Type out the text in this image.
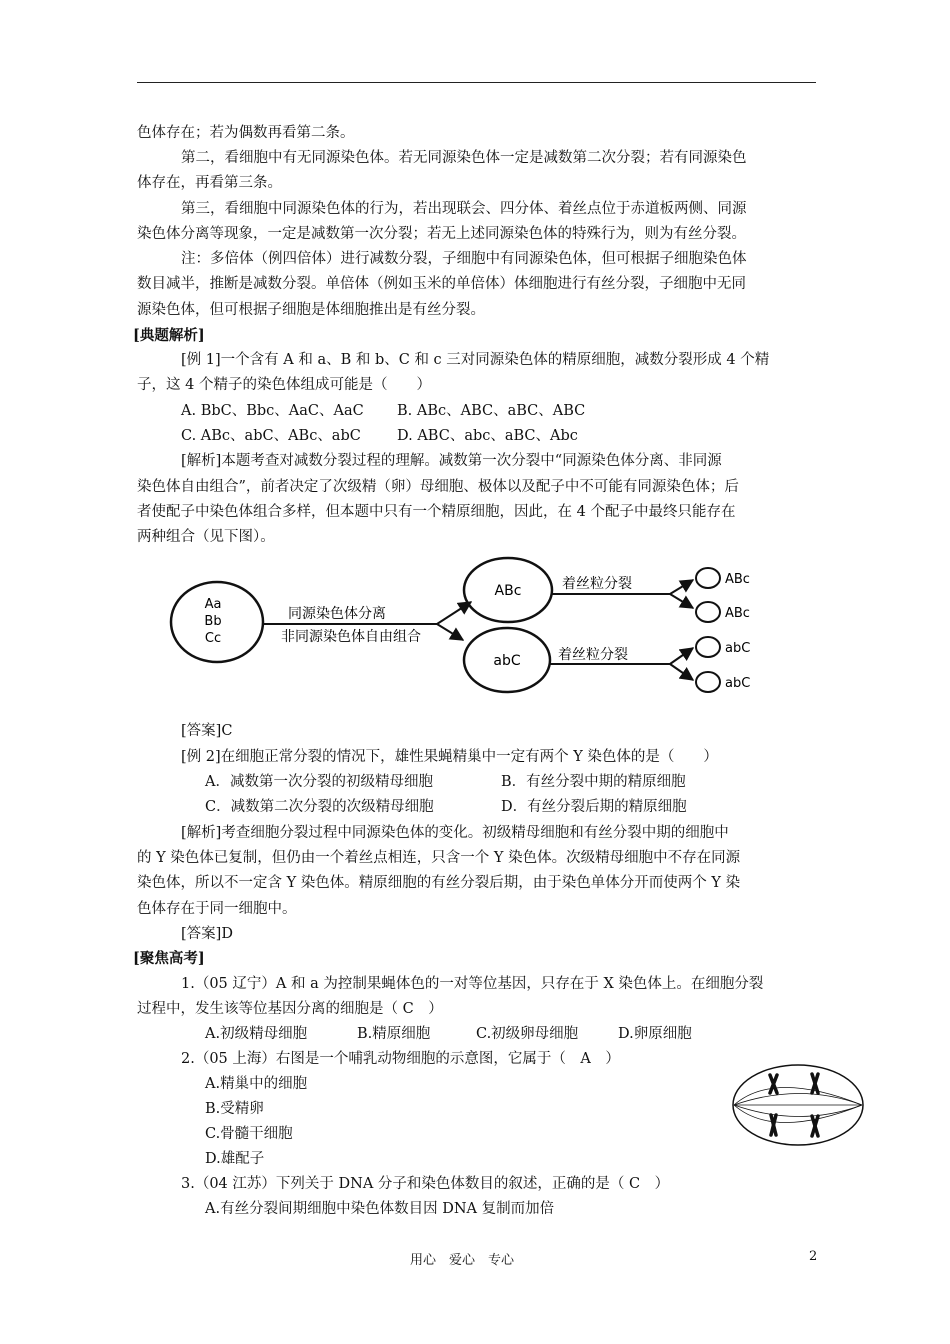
色体存在；若为偶数再看第二条。
第二，看细胞中有无同源染色体。若无同源染色体一定是减数第二次分裂；若有同源染色
体存在，再看第三条。
第三，看细胞中同源染色体的行为，若出现联会、四分体、着丝点位于赤道板两侧、同源
染色体分离等现象，一定是减数第一次分裂；若无上述同源染色体的特殊行为，则为有丝分裂。
注：多倍体（例四倍体）进行减数分裂，子细胞中有同源染色体，但可根据子细胞染色体
数目减半，推断是减数分裂。单倍体（例如玉米的单倍体）体细胞进行有丝分裂，子细胞中无同
源染色体，但可根据子细胞是体细胞推出是有丝分裂。
[典题解析]
[例 1]一个含有 A 和 a、B 和 b、C 和 c 三对同源染色体的精原细胞，减数分裂形成 4 个精
子，这 4 个精子的染色体组成可能是（　　）
A. BbC、Bbc、AaC、AaC B. ABc、ABC、aBC、ABC
C. ABc、abC、ABc、abC D. ABC、abc、aBC、Abc
[解析]本题考查对减数分裂过程的理解。减数第一次分裂中“同源染色体分离、非同源
染色体自由组合”，前者决定了次级精（卵）母细胞、极体以及配子中不可能有同源染色体；后
者使配子中染色体组合多样，但本题中只有一个精原细胞，因此，在 4 个配子中最终只能存在
两种组合（见下图）。
Aa
Bb
Cc
同源染色体分离
非同源染色体自由组合
ABc
abC
着丝粒分裂
着丝粒分裂
ABc
ABc
abC
abC
[答案]C
[例 2]在细胞正常分裂的情况下，雄性果蝇精巢中一定有两个 Y 染色体的是（　　）
A．减数第一次分裂的初级精母细胞	B．有丝分裂中期的精原细胞
C．减数第二次分裂的次级精母细胞	D．有丝分裂后期的精原细胞
[解析]考查细胞分裂过程中同源染色体的变化。初级精母细胞和有丝分裂中期的细胞中
的 Y 染色体已复制，但仍由一个着丝点相连，只含一个 Y 染色体。次级精母细胞中不存在同源
染色体，所以不一定含 Y 染色体。精原细胞的有丝分裂后期，由于染色单体分开而使两个 Y 染
色体存在于同一细胞中。
[答案]D
[聚焦高考]
1.（05 辽宁）A 和 a 为控制果蝇体色的一对等位基因，只存在于 X 染色体上。在细胞分裂
过程中，发生该等位基因分离的细胞是（ C　）
A.初级精母细胞	B.精原细胞	C.初级卵母细胞	D.卵原细胞
2.（05 上海）右图是一个哺乳动物细胞的示意图，它属于（　A　）
A.精巢中的细胞
B.受精卵
C.骨髓干细胞
D.雄配子
3.（04 江苏）下列关于 DNA 分子和染色体数目的叙述，正确的是（ C　）
A.有丝分裂间期细胞中染色体数目因 DNA 复制而加倍
用心　爱心　专心	2
